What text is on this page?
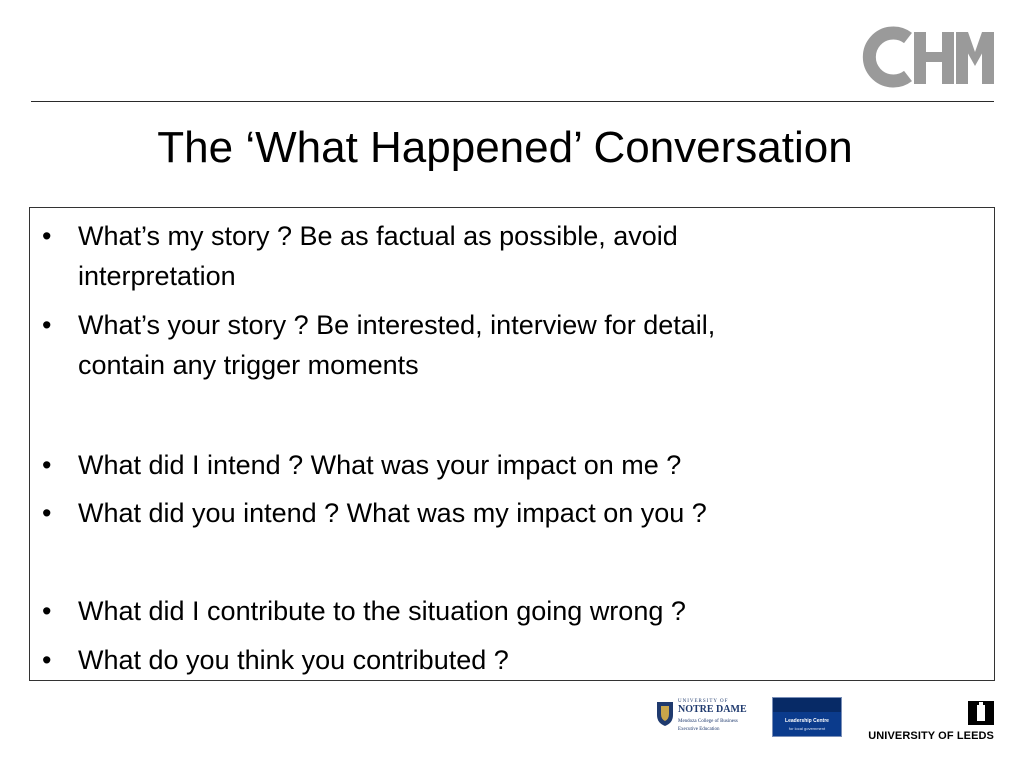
The ‘What Happened’ Conversation
• What’s my story ? Be as factual as possible, avoid
interpretation
• What’s your story ? Be interested, interview for detail,
contain any trigger moments
• What did I intend ? What was your impact on me ?
• What did you intend ? What was my impact on you ?
• What did I contribute to the situation going wrong ?
• What do you think you contributed ?
UNIVERSITY OF
NOTRE DAME
Mendoza College of Business
Executive Education
Leadership Centre
for local government
UNIVERSITY OF LEEDS
